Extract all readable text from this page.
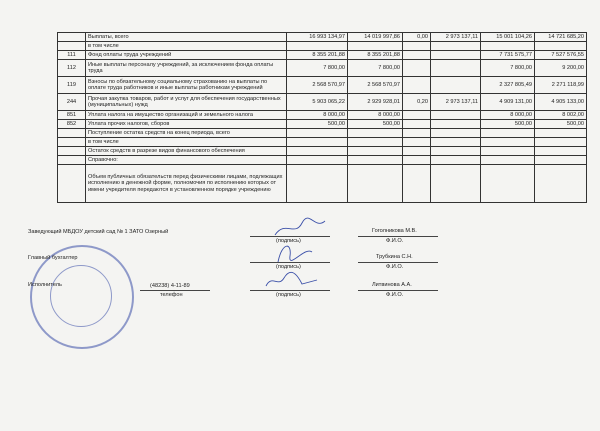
	Выплаты, всего	16 993 134,97	14 019 997,86	0,00	2 973 137,11	15 001 104,26	14 721 685,20
	в том числе						
111	Фонд оплаты труда учреждений	8 355 201,88	8 355 201,88			7 731 575,77	7 527 576,55
112	Иные выплаты персоналу учреждений, за исключением фонда оплаты труда	7 800,00	7 800,00			7 800,00	9 200,00
119	Взносы по обязательному социальному страхованию на выплаты по оплате труда работников и иные выплаты работникам учреждений	2 568 570,97	2 568 570,97			2 327 805,49	2 271 118,99
244	Прочая закупка товаров, работ и услуг для обеспечения государственных (муниципальных) нужд	5 903 065,22	2 929 928,01	0,20	2 973 137,11	4 909 131,00	4 905 133,00
851	Уплата налога на имущество организаций и земельного налога	8 000,00	8 000,00			8 000,00	8 002,00
852	Уплата прочих налогов, сборов	500,00	500,00			500,00	500,00
	Поступление остатка средств на конец периода, всего						
	в том числе						
	Остаток средств в разрезе видов финансового обеспечения						
	Справочно:						
	Объем публичных обязательств перед физическими лицами, подлежащих исполнению в денежной форме, полномочия по исполнению которых от имени учредителя передаются в установленном порядке учреждению						
Заведующий МБДОУ детский сад № 1 ЗАТО Озерный	Гоголникова М.В.
(подпись)	Ф.И.О.
Главный бухгалтер	Трубкина С.Н.
(подпись)	Ф.И.О.
Исполнитель	(48238) 4-11-89
телефон
Литвинова А.А.
(подпись)	Ф.И.О.
